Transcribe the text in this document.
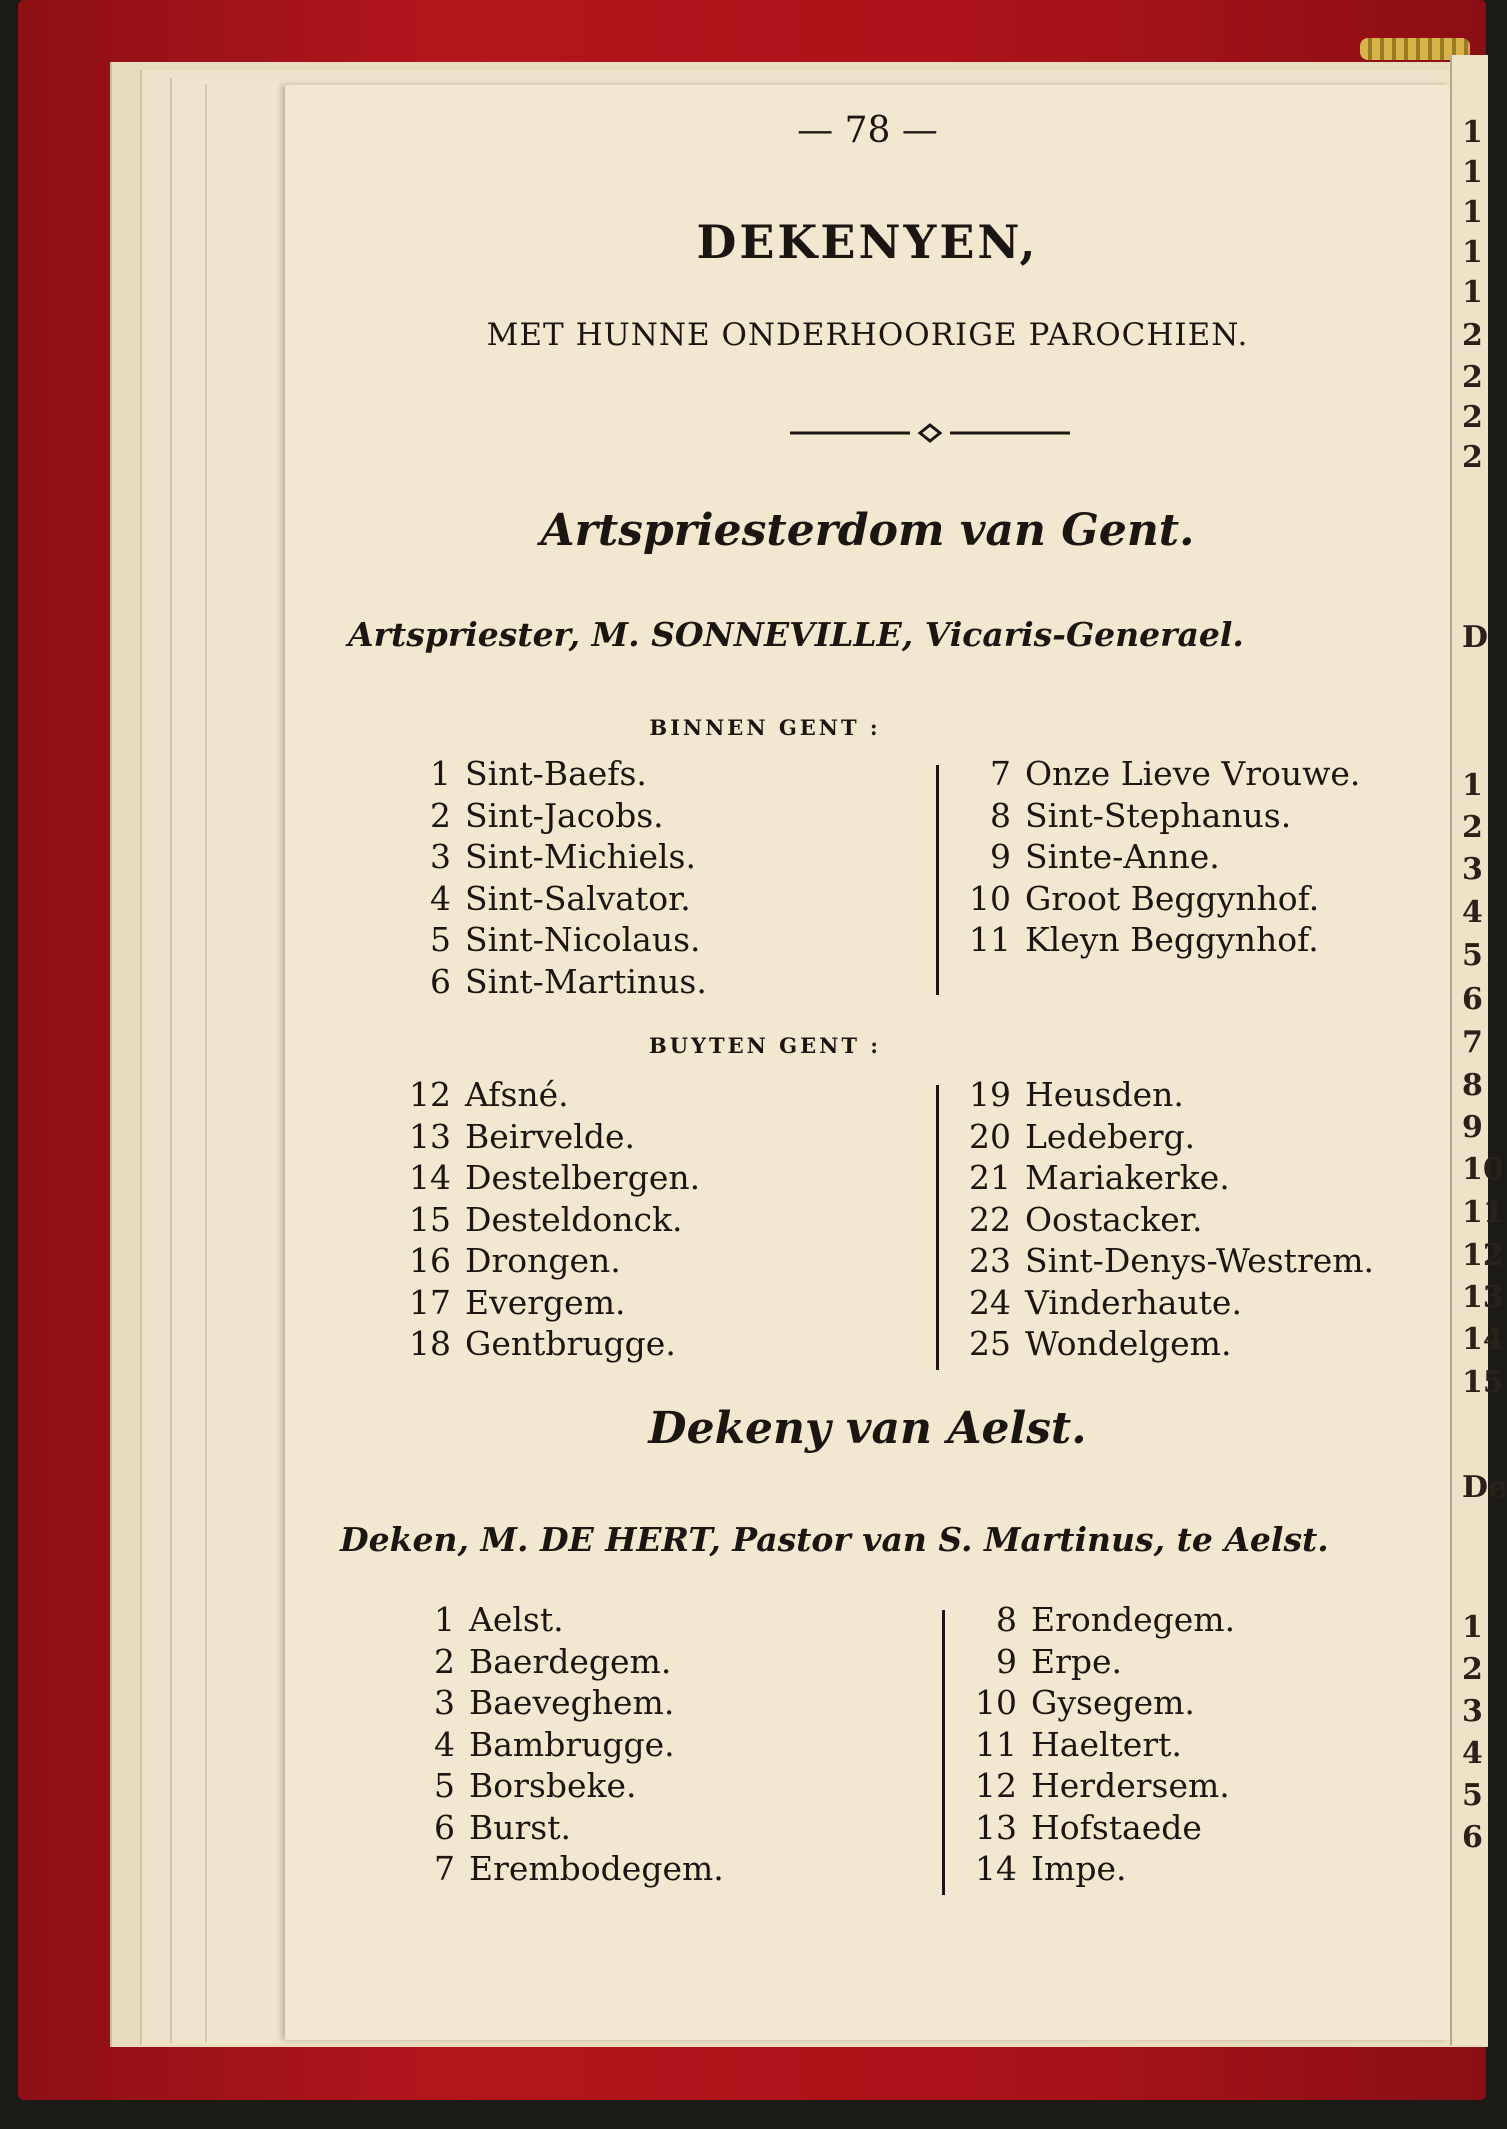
1
1
1
1
1
2
2
2
2
D
1
2
3
4
5
6
7
8
9
10
11
12
13
14
15
De
1
2
3
4
5
6
— 78 —
DEKENYEN,
MET HUNNE ONDERHOORIGE PAROCHIEN.
Artspriesterdom van Gent.
Artspriester, M. SONNEVILLE, Vicaris-Generael.
BINNEN GENT :
1 Sint-Baefs.
2 Sint-Jacobs.
3 Sint-Michiels.
4 Sint-Salvator.
5 Sint-Nicolaus.
6 Sint-Martinus.
7 Onze Lieve Vrouwe.
8 Sint-Stephanus.
9 Sinte-Anne.
10 Groot Beggynhof.
11 Kleyn Beggynhof.
BUYTEN GENT :
12 Afsné.
13 Beirvelde.
14 Destelbergen.
15 Desteldonck.
16 Drongen.
17 Evergem.
18 Gentbrugge.
19 Heusden.
20 Ledeberg.
21 Mariakerke.
22 Oostacker.
23 Sint-Denys-Westrem.
24 Vinderhaute.
25 Wondelgem.
Dekeny van Aelst.
Deken, M. DE HERT, Pastor van S. Martinus, te Aelst.
1 Aelst.
2 Baerdegem.
3 Baeveghem.
4 Bambrugge.
5 Borsbeke.
6 Burst.
7 Erembodegem.
8 Erondegem.
9 Erpe.
10 Gysegem.
11 Haeltert.
12 Herdersem.
13 Hofstaede
14 Impe.
